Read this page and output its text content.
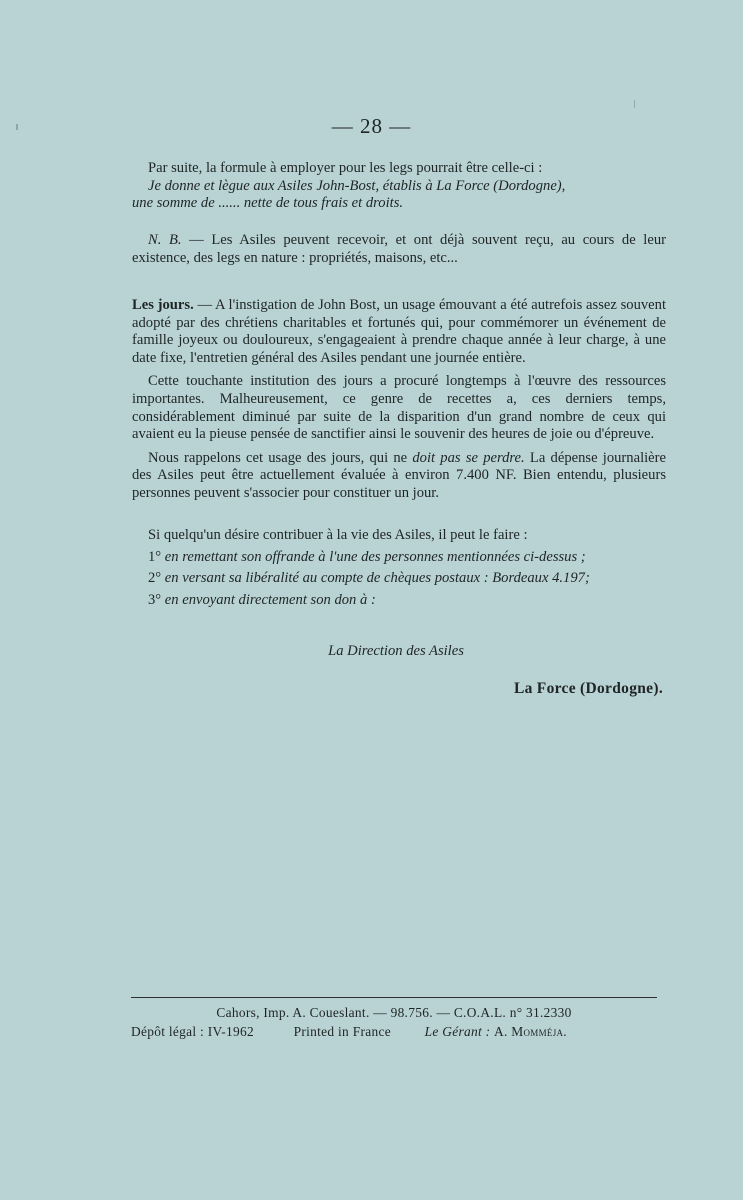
— 28 —

Par suite, la formule à employer pour les legs pourrait être celle-ci :

Je donne et lègue aux Asiles John-Bost, établis à La Force (Dordogne),

une somme de ...... nette de tous frais et droits.

N. B. — Les Asiles peuvent recevoir, et ont déjà souvent reçu, au cours de leur existence, des legs en nature : propriétés, maisons, etc...

Les jours. — A l'instigation de John Bost, un usage émouvant a été autrefois assez souvent adopté par des chrétiens charitables et fortunés qui, pour commémorer un événement de famille joyeux ou douloureux, s'engageaient à prendre chaque année à leur charge, à une date fixe, l'entretien général des Asiles pendant une journée entière.

Cette touchante institution des jours a procuré longtemps à l'œuvre des ressources importantes. Malheureusement, ce genre de recettes a, ces derniers temps, considérablement diminué par suite de la disparition d'un grand nombre de ceux qui avaient eu la pieuse pensée de sanctifier ainsi le souvenir des heures de joie ou d'épreuve.

Nous rappelons cet usage des jours, qui ne doit pas se perdre. La dépense journalière des Asiles peut être actuellement évaluée à environ 7.400 NF. Bien entendu, plusieurs personnes peuvent s'associer pour constituer un jour.

Si quelqu'un désire contribuer à la vie des Asiles, il peut le faire :

1° en remettant son offrande à l'une des personnes mentionnées ci-dessus ;

2° en versant sa libéralité au compte de chèques postaux : Bordeaux 4.197;

3° en envoyant directement son don à :

La Direction des Asiles
La Force (Dordogne).
Cahors, Imp. A. Coueslant. — 98.756. — C.O.A.L. n° 31.2330
Dépôt légal : IV-1962	Printed in France	Le Gérant : A. Momméja.
